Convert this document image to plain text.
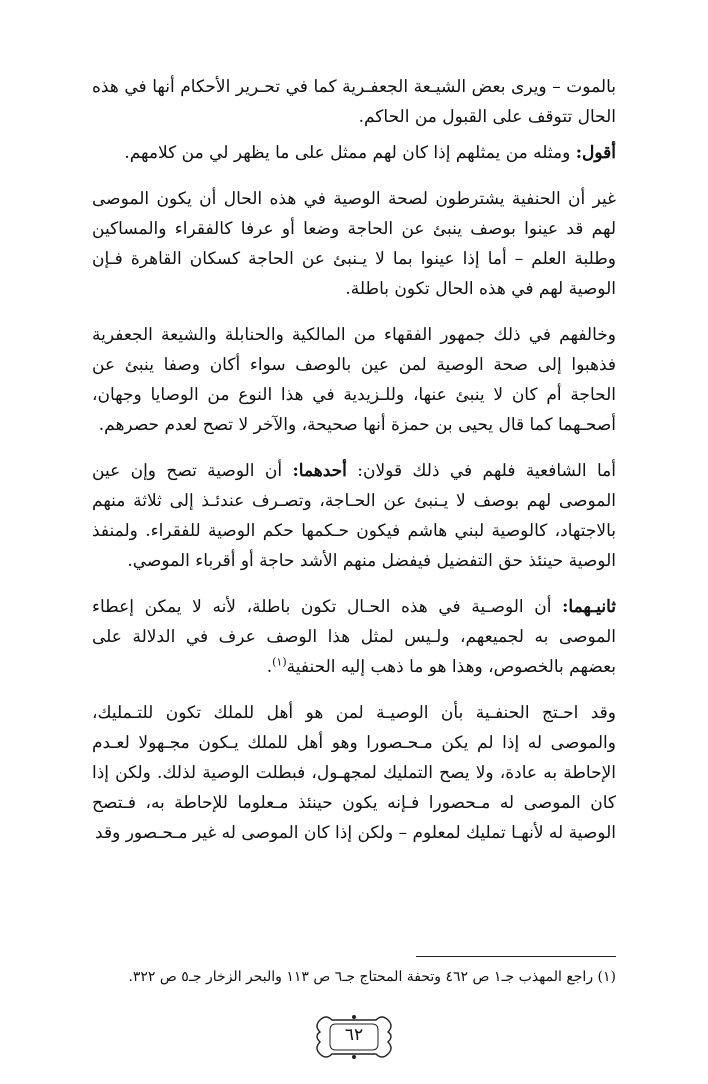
بالموت – ويرى بعض الشيـعة الجعفـرية كما في تحـرير الأحكام أنها في هذه الحال تتوقف على القبول من الحاكم.

أقول: ومثله من يمثلهم إذا كان لهم ممثل على ما يظهر لي من كلامهم.

غير أن الحنفية يشترطون لصحة الوصية في هذه الحال أن يكون الموصى لهم قد عينوا بوصف ينبئ عن الحاجة وضعا أو عرفا كالفقراء والمساكين وطلبة العلم – أما إذا عينوا بما لا يـنبئ عن الحاجة كسكان القاهرة فـإن الوصية لهم في هذه الحال تكون باطلة.

وخالفهم في ذلك جمهور الفقهاء من المالكية والحنابلة والشيعة الجعفرية فذهبوا إلى صحة الوصية لمن عين بالوصف سواء أكان وصفا ينبئ عن الحاجة أم كان لا ينبئ عنها، وللـزيدية في هذا النوع من الوصايا وجهان، أصحـهما كما قال يحيى بن حمزة أنها صحيحة، والآخر لا تصح لعدم حصرهم.

أما الشافعية فلهم في ذلك قولان: أحدهما: أن الوصية تصح وإن عين الموصى لهم بوصف لا يـنبئ عن الحـاجة، وتصـرف عندئـذ إلى ثلاثة منهم بالاجتهاد، كالوصية لبني هاشم فيكون حـكمها حكم الوصية للفقراء. ولمنفذ الوصية حينئذ حق التفضيل فيفضل منهم الأشد حاجة أو أقرباء الموصي.

ثانيـهما: أن الوصـية في هذه الحـال تكون باطلة، لأنه لا يمكن إعطاء الموصى به لجميعهم، ولـيس لمثل هذا الوصف عرف في الدلالة على بعضهم بالخصوص، وهذا هو ما ذهب إليه الحنفية$^{(١)}$.

وقد احـتج الحنفـية بأن الوصيـة لمن هو أهل للملك تكون للتـمليك، والموصى له إذا لم يكن مـحـصورا وهو أهل للملك يـكون مجـهولا لعـدم الإحاطة به عادة، ولا يصح التمليك لمجهـول، فبطلت الوصية لذلك. ولكن إذا كان الموصى له مـحصورا فـإنه يكون حينئذ مـعلوما للإحاطة به، فـتصح الوصية له لأنهـا تمليك لمعلوم – ولكن إذا كان الموصى له غير مـحـصور وقد

(١) راجع المهذب جـ١ ص ٤٦٢ وتحفة المحتاج جـ٦ ص ١١٣ والبحر الزخار جـ٥ ص ٣٢٢.
٦٢
